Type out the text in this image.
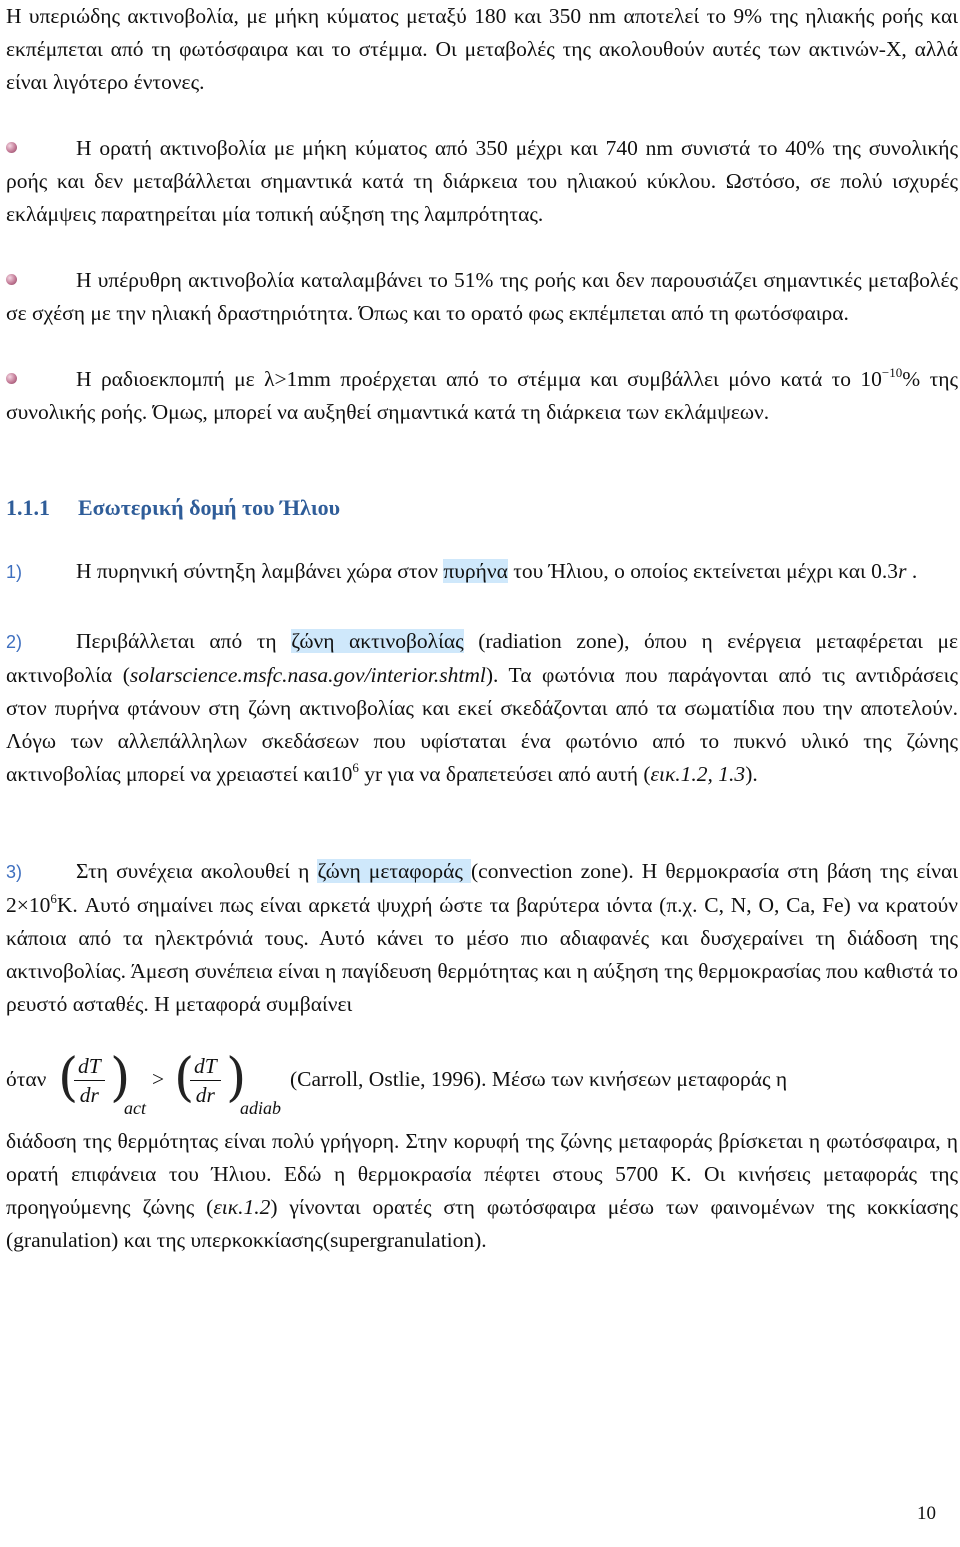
Η υπεριώδης ακτινοβολία, με μήκη κύματος μεταξύ 180 και 350 nm αποτελεί το 9% της ηλιακής ροής και εκπέμπεται από τη φωτόσφαιρα και το στέμμα. Οι μεταβολές της ακολουθούν αυτές των ακτινών-Χ, αλλά είναι λιγότερο έντονες.

Η ορατή ακτινοβολία με μήκη κύματος από 350 μέχρι και 740 nm συνιστά το 40% της συνολικής ροής και δεν μεταβάλλεται σημαντικά κατά τη διάρκεια του ηλιακού κύκλου. Ωστόσο, σε πολύ ισχυρές εκλάμψεις παρατηρείται μία τοπική αύξηση της λαμπρότητας.

Η υπέρυθρη ακτινοβολία καταλαμβάνει το 51% της ροής και δεν παρουσιάζει σημαντικές μεταβολές σε σχέση με την ηλιακή δραστηριότητα. Όπως και το ορατό φως εκπέμπεται από τη φωτόσφαιρα.

Η ραδιοεκπομπή με λ>1mm προέρχεται από το στέμμα και συμβάλλει μόνο κατά το $10^{-10}\%$ της συνολικής ροής. Όμως, μπορεί να αυξηθεί σημαντικά κατά τη διάρκεια των εκλάμψεων.

1.1.1 Εσωτερική δομή του Ήλιου

1)	Η πυρηνική σύντηξη λαμβάνει χώρα στον πυρήνα του Ήλιου, ο οποίος εκτείνεται μέχρι και 0.3r .

2)	Περιβάλλεται από τη ζώνη ακτινοβολίας (radiation zone), όπου η ενέργεια μεταφέρεται με ακτινοβολία (solarscience.msfc.nasa.gov/interior.shtml). Τα φωτόνια που παράγονται από τις αντιδράσεις στον πυρήνα φτάνουν στη ζώνη ακτινοβολίας και εκεί σκεδάζονται από τα σωματίδια που την αποτελούν. Λόγω των αλλεπάλληλων σκεδάσεων που υφίσταται ένα φωτόνιο από το πυκνό υλικό της ζώνης ακτινοβολίας μπορεί να χρειαστεί $\kappa\alpha\iota 10^6$ yr για να δραπετεύσει από αυτή (εικ.1.2, 1.3).

3)	Στη συνέχεια ακολουθεί η ζώνη μεταφοράς (convection zone). Η θερμοκρασία στη βάση της είναι $2\times 10^6K$. Αυτό σημαίνει πως είναι αρκετά ψυχρή ώστε τα βαρύτερα ιόντα (π.χ. C, N, O, Ca, Fe) να κρατούν κάποια από τα ηλεκτρόνιά τους. Αυτό κάνει το μέσο πιο αδιαφανές και δυσχεραίνει τη διάδοση της ακτινοβολίας. Άμεση συνέπεια είναι η παγίδευση θερμότητας και η αύξηση της θερμοκρασίας που καθιστά το ρευστό ασταθές. Η μεταφορά συμβαίνει

όταν (
$\frac{dT}{dr}$ )
act
> (
$\frac{dT}{dr}$ )
adiab
(Carroll, Ostlie, 1996). Μέσω των κινήσεων μεταφοράς η

διάδοση της θερμότητας είναι πολύ γρήγορη. Στην κορυφή της ζώνης μεταφοράς βρίσκεται η φωτόσφαιρα, η ορατή επιφάνεια του Ήλιου. Εδώ η θερμοκρασία πέφτει στους 5700 K. Οι κινήσεις μεταφοράς της προηγούμενης ζώνης (εικ.1.2) γίνονται ορατές στη φωτόσφαιρα μέσω των φαινομένων της κοκκίασης (granulation) και της υπερκοκκίασης(supergranulation).

10
